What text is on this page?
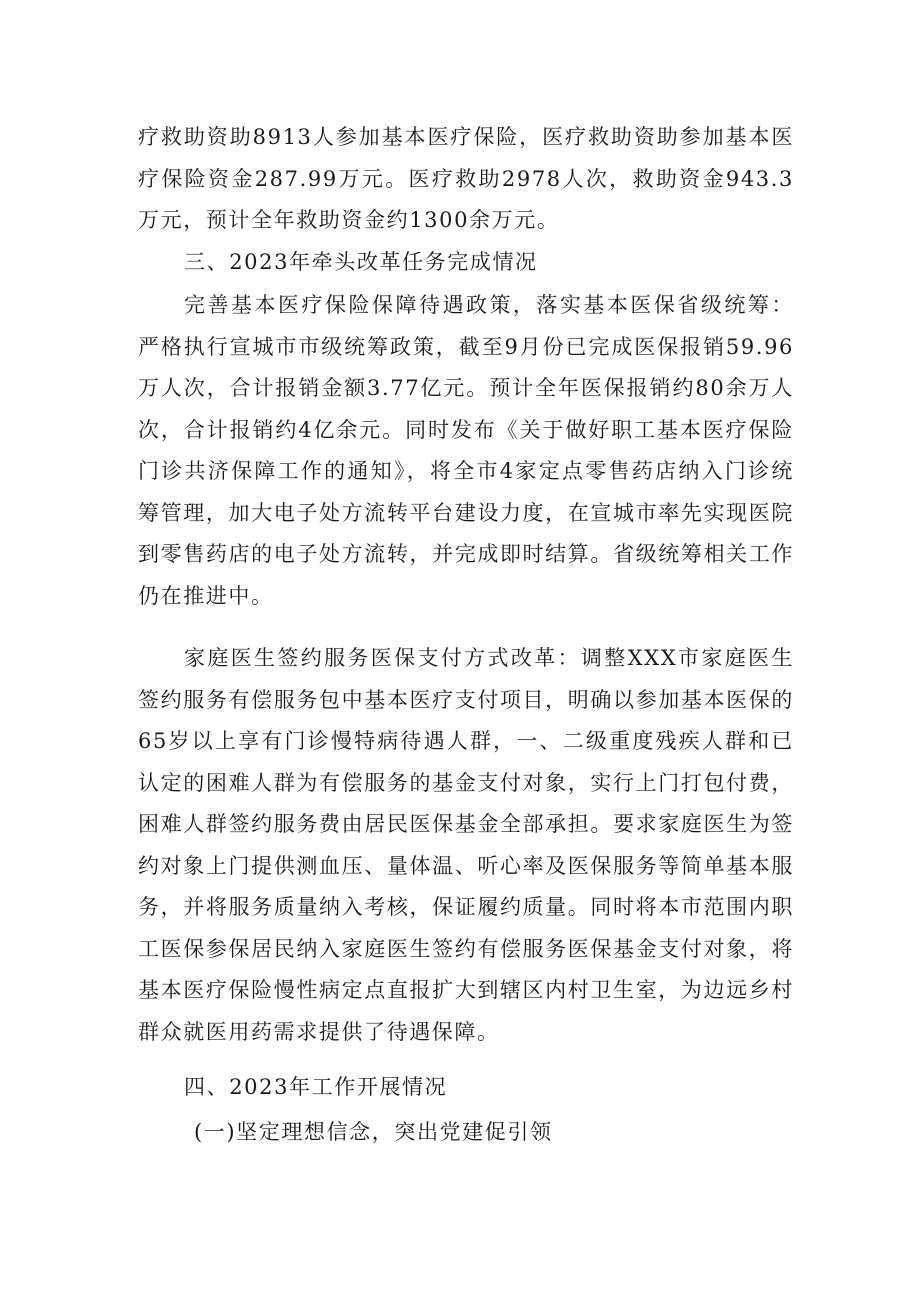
疗救助资助8913人参加基本医疗保险，医疗救助资助参加基本医疗保险资金287.99万元。医疗救助2978人次，救助资金943.3万元，预计全年救助资金约1300余万元。

三、2023年牵头改革任务完成情况

完善基本医疗保险保障待遇政策，落实基本医保省级统筹：严格执行宣城市市级统筹政策，截至9月份已完成医保报销59.96万人次，合计报销金额3.77亿元。预计全年医保报销约80余万人次，合计报销约4亿余元。同时发布《关于做好职工基本医疗保险门诊共济保障工作的通知》，将全市4家定点零售药店纳入门诊统筹管理，加大电子处方流转平台建设力度，在宣城市率先实现医院到零售药店的电子处方流转，并完成即时结算。省级统筹相关工作仍在推进中。

家庭医生签约服务医保支付方式改革：调整XXX市家庭医生签约服务有偿服务包中基本医疗支付项目，明确以参加基本医保的65岁以上享有门诊慢特病待遇人群，一、二级重度残疾人群和已认定的困难人群为有偿服务的基金支付对象，实行上门打包付费，困难人群签约服务费由居民医保基金全部承担。要求家庭医生为签约对象上门提供测血压、量体温、听心率及医保服务等简单基本服务，并将服务质量纳入考核，保证履约质量。同时将本市范围内职工医保参保居民纳入家庭医生签约有偿服务医保基金支付对象，将基本医疗保险慢性病定点直报扩大到辖区内村卫生室，为边远乡村群众就医用药需求提供了待遇保障。

四、2023年工作开展情况

(一)坚定理想信念，突出党建促引领
